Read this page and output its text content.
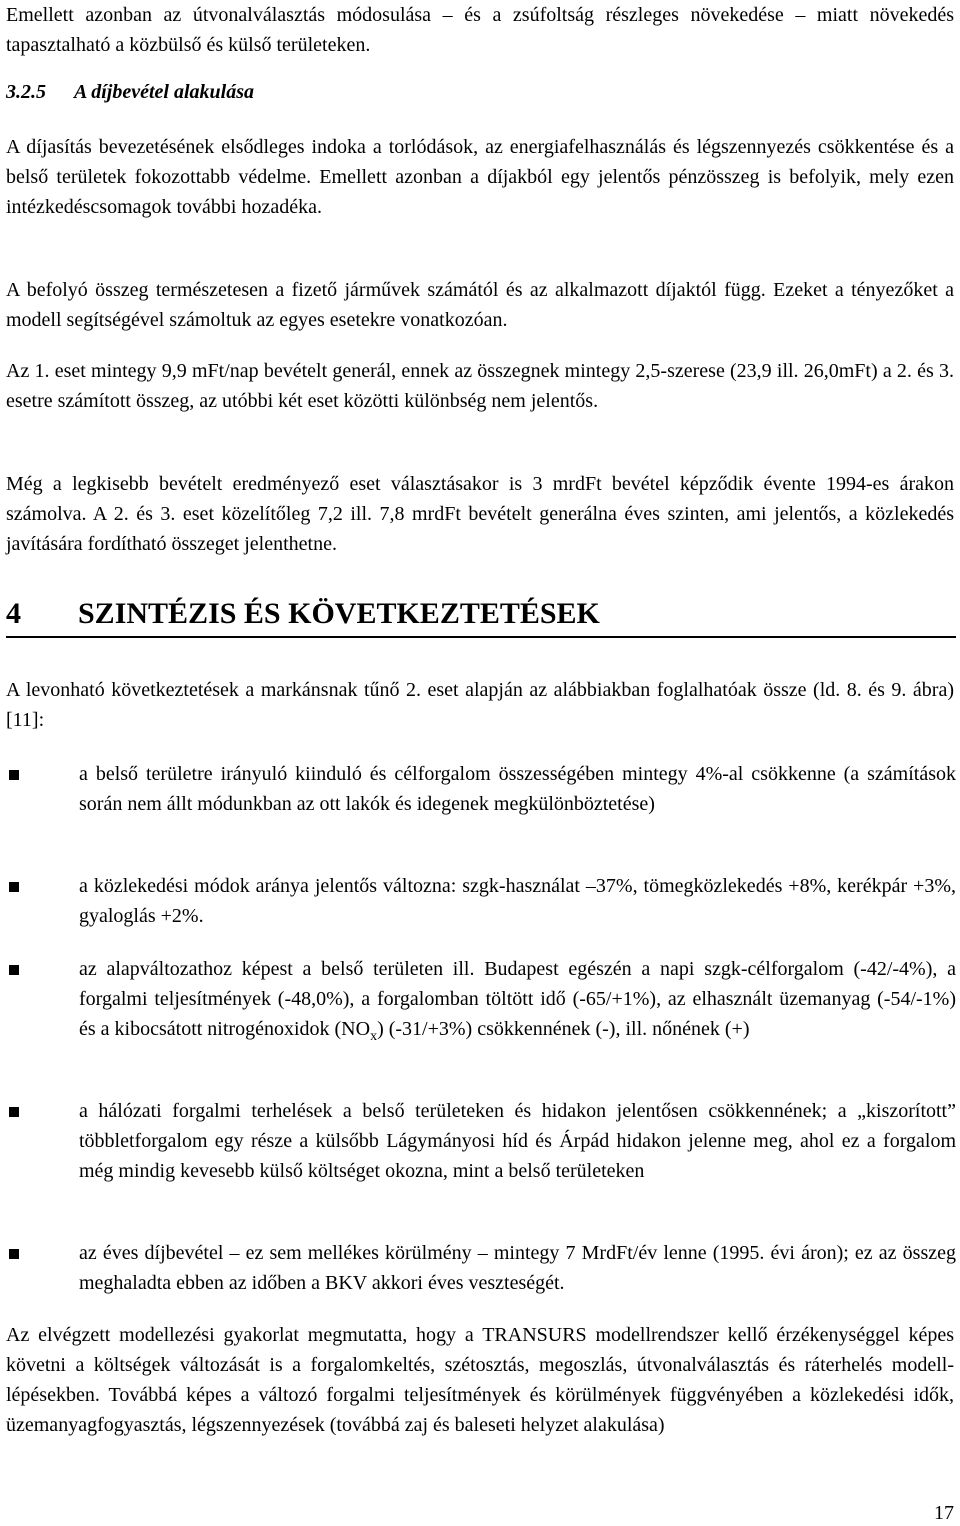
Emellett azonban az útvonalválasztás módosulása – és a zsúfoltság részleges növekedése – miatt növekedés tapasztalható a közbülső és külső területeken.

3.2.5 A díjbevétel alakulása

A díjasítás bevezetésének elsődleges indoka a torlódások, az energiafelhasználás és légszennyezés csökkentése és a belső területek fokozottabb védelme. Emellett azonban a díjakból egy jelentős pénzösszeg is befolyik, mely ezen intézkedéscsomagok további hozadéka.

A befolyó összeg természetesen a fizető járművek számától és az alkalmazott díjaktól függ. Ezeket a tényezőket a modell segítségével számoltuk az egyes esetekre vonatkozóan.

Az 1. eset mintegy 9,9 mFt/nap bevételt generál, ennek az összegnek mintegy 2,5-szerese (23,9 ill. 26,0mFt) a 2. és 3. esetre számított összeg, az utóbbi két eset közötti különbség nem jelentős.

Még a legkisebb bevételt eredményező eset választásakor is 3 mrdFt bevétel képződik évente 1994-es árakon számolva. A 2. és 3. eset közelítőleg 7,2 ill. 7,8 mrdFt bevételt generálna éves szinten, ami jelentős, a közlekedés javítására fordítható összeget jelenthetne.

4 SZINTÉZIS ÉS KÖVETKEZTETÉSEK

A levonható következtetések a markánsnak tűnő 2. eset alapján az alábbiakban foglalhatóak össze (ld. 8. és 9. ábra) [11]:

a belső területre irányuló kiinduló és célforgalom összességében mintegy 4%-al csökkenne (a számítások során nem állt módunkban az ott lakók és idegenek megkülönböztetése)

a közlekedési módok aránya jelentős változna: szgk-használat –37%, tömegközlekedés +8%, kerékpár +3%, gyaloglás +2%.

az alapváltozathoz képest a belső területen ill. Budapest egészén a napi szgk-célforgalom (-42/-4%), a forgalmi teljesítmények (-48,0%), a forgalomban töltött idő (-65/+1%), az elhasznált üzemanyag (-54/-1%) és a kibocsátott nitrogénoxidok $(NO_x)$ (-31/+3%) csökkennének (-), ill. nőnének (+)

a hálózati forgalmi terhelések a belső területeken és hidakon jelentősen csökkennének; a „kiszorított” többletforgalom egy része a külsőbb Lágymányosi híd és Árpád hidakon jelenne meg, ahol ez a forgalom még mindig kevesebb külső költséget okozna, mint a belső területeken

az éves díjbevétel – ez sem mellékes körülmény – mintegy 7 MrdFt/év lenne (1995. évi áron); ez az összeg meghaladta ebben az időben a BKV akkori éves veszteségét.

Az elvégzett modellezési gyakorlat megmutatta, hogy a TRANSURS modellrendszer kellő érzékenységgel képes követni a költségek változását is a forgalomkeltés, szétosztás, megoszlás, útvonalválasztás és ráterhelés modell-lépésekben. Továbbá képes a változó forgalmi teljesítmények és körülmények függvényében a közlekedési idők, üzemanyagfogyasztás, légszennyezések (továbbá zaj és baleseti helyzet alakulása)

17
